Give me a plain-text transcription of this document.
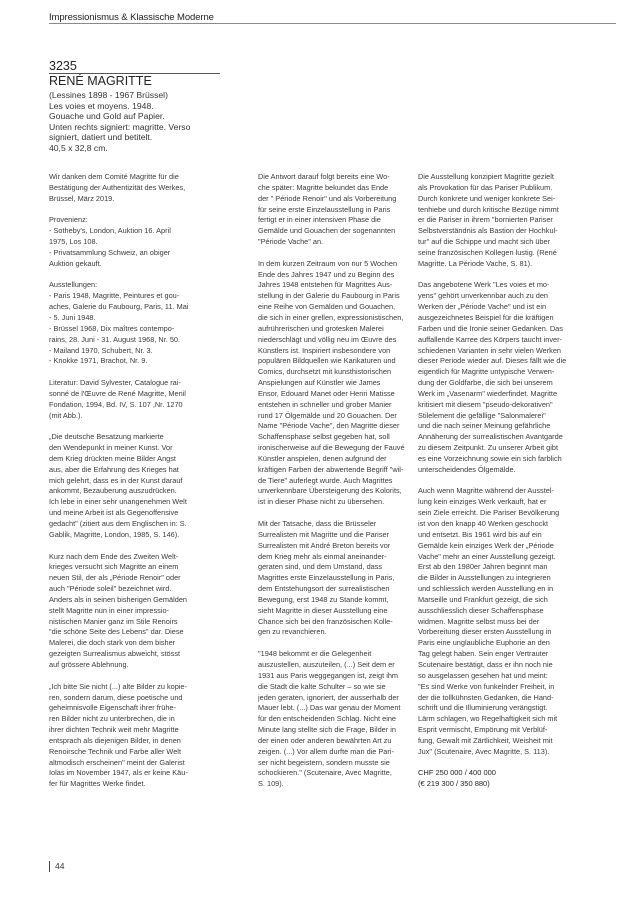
Impressionismus & Klassische Moderne
3235
RENÉ MAGRITTE
(Lessines 1898 - 1967 Brüssel)
Les voies et moyens. 1948.
Gouache und Gold auf Papier.
Unten rechts signiert: magritte. Verso
signiert, datiert und betitelt.
40,5 x 32,8 cm.

Wir danken dem Comité Magritte für die
Bestätigung der Authentizität des Werkes,
Brüssel, März 2019.

Provenienz:
- Sotheby's, London, Auktion 16. April
1975, Los 108.
- Privatsammlung Schweiz, an obiger
Auktion gekauft.

Ausstellungen:
- Paris 1948, Magritte, Peintures et gou-
aches, Galerie du Faubourg, Paris, 11. Mai
- 5. Juni 1948.
- Brüssel 1968, Dix maîtres contempo-
rains, 28. Juni - 31. August 1968, Nr. 50.
- Mailand 1970, Schubert, Nr. 3.
- Knokke 1971, Brachot, Nr. 9.

Literatur: David Sylvester, Catalogue rai-
sonné de l'Œuvre de René Magritte, Menil
Fondation, 1994, Bd. IV, S. 107 ,Nr. 1270
(mit Abb.).

„Die deutsche Besatzung markierte
den Wendepunkt in meiner Kunst. Vor
dem Krieg drückten meine Bilder Angst
aus, aber die Erfahrung des Krieges hat
mich gelehrt, dass es in der Kunst darauf
ankommt, Bezauberung auszudrücken.
Ich lebe in einer sehr unangenehmen Welt
und meine Arbeit ist als Gegenoffensive
gedacht" (zitiert aus dem Englischen in: S.
Gablik, Magritte, London, 1985, S. 146).

Kurz nach dem Ende des Zweiten Welt-
krieges versucht sich Magritte an einem
neuen Stil, der als „Période Renoir" oder
auch "Période soleil" bezeichnet wird.
Anders als in seinen bisherigen Gemälden
stellt Magritte nun in einer impressio-
nistischen Manier ganz im Stile Renoirs
"die schöne Seite des Lebens" dar. Diese
Malerei, die doch stark von dem bisher
gezeigten Surrealismus abweicht, stösst
auf grössere Ablehnung.

„Ich bitte Sie nicht (...) alte Bilder zu kopie-
ren, sondern darum, diese poetische und
geheimnisvolle Eigenschaft ihrer frühe-
ren Bilder nicht zu unterbrechen, die in
ihrer dichten Technik weit mehr Magritte
entsprach als diejenigen Bilder, in denen
Renoirsche Technik und Farbe aller Welt
altmodisch erscheinen" meint der Galerist
Iolas im November 1947, als er keine Käu-
fer für Magrittes Werke findet.

Die Antwort darauf folgt bereits eine Wo-
che später: Magritte bekundet das Ende
der " Période Renoir" und als Vorbereitung
für seine erste Einzelausstellung in Paris
fertigt er in einer intensiven Phase die
Gemälde und Gouachen der sogenannten
"Période Vache" an.

In dem kurzen Zeitraum von nur 5 Wochen
Ende des Jahres 1947 und zu Beginn des
Jahres 1948 entstehen für Magrittes Aus-
stellung in der Galerie du Faubourg in Paris
eine Reihe von Gemälden und Gouachen,
die sich in einer grellen, expressionistischen,
aufrührerischen und grotesken Malerei
niederschlägt und völlig neu im Œuvre des
Künstlers ist. Inspiriert insbesondere von
populären Bildquellen wie Karikaturen und
Comics, durchsetzt mit kunsthistorischen
Anspielungen auf Künstler wie James
Ensor, Edouard Manet oder Henri Matisse
entstehen in schneller und grober Manier
rund 17 Ölgemälde und 20 Gouachen. Der
Name "Période Vache", den Magritte dieser
Schaffensphase selbst gegeben hat, soll
ironischerweise auf die Bewegung der Fauvé
Künstler anspielen, denen aufgrund der
kräftigen Farben der abwertende Begriff "wil-
de Tiere" auferlegt wurde. Auch Magrittes
unverkennbare Übersteigerung des Kolorits,
ist in dieser Phase nicht zu übersehen.

Mit der Tatsache, dass die Brüsseler
Surrealisten mit Magritte und die Pariser
Surrealisten mit André Breton bereits vor
dem Krieg mehr als einmal aneinander-
geraten sind, und dem Umstand, dass
Magrittes erste Einzelausstellung in Paris,
dem Entstehungsort der surrealistischen
Bewegung, erst 1948 zu Stande kommt,
sieht Magritte in dieser Ausstellung eine
Chance sich bei den französischen Kolle-
gen zu revanchieren.

"1948 bekommt er die Gelegenheit
auszustellen, auszuteilen, (...) Seit dem er
1931 aus Paris weggegangen ist, zeigt ihm
die Stadt die kalte Schulter – so wie sie
jeden geraten, ignoriert, der ausserhalb der
Mauer lebt. (...) Das war genau der Moment
für den entscheidenden Schlag. Nicht eine
Minute lang stellte sich die Frage, Bilder in
der einen oder anderen bewährten Art zu
zeigen. (...) Vor allem durfte man die Pari-
ser nicht begeistern, sondern musste sie
schockieren." (Scutenaire, Avec Magritte,
S. 109).

Die Ausstellung konzipiert Magritte gezielt
als Provokation für das Pariser Publikum.
Durch konkrete und weniger konkrete Sei-
tenhiebe und durch kritische Bezüge nimmt
er die Pariser in ihrem "bornierten Pariser
Selbstverständnis als Bastion der Hochkul-
tur" auf die Schippe und macht sich über
seine französischen Kollegen lustig. (René
Magritte. La Période Vache, S. 81).

Das angebotene Werk "Les voies et mo-
yens" gehört unverkennbar auch zu den
Werken der „Période Vache" und ist ein
ausgezeichnetes Beispiel für die kräftigen
Farben und die Ironie seiner Gedanken. Das
auffallende Karree des Körpers taucht inver-
schiedenen Varianten in sehr vielen Werken
dieser Periode wieder auf. Dieses fällt wie die
eigentlich für Magritte untypische Verwen-
dung der Goldfarbe, die sich bei unserem
Werk im „Vasenarm" wiederfindet. Magritte
kritisiert mit diesem "pseudo-dekorativen"
Stilelement die gefällige "Salonmalerei"
und die nach seiner Meinung gefährliche
Annäherung der surrealistischen Avantgarde
zu diesem Zeitpunkt. Zu unserer Arbeit gibt
es eine Vorzeichnung sowie ein sich farblich
unterscheidendes Ölgemälde.

Auch wenn Magritte während der Ausstel-
lung kein einziges Werk verkauft, hat er
sein Ziele erreicht. Die Pariser Bevölkerung
ist von den knapp 40 Werken geschockt
und entsetzt. Bis 1961 wird bis auf ein
Gemälde kein einziges Werk der „Période
Vache" mehr an einer Ausstellung gezeigt.
Erst ab den 1980er Jahren beginnt man
die Bilder in Ausstellungen zu integrieren
und schliesslich werden Ausstellung en in
Marseille und Frankfurt gezeigt, die sich
ausschliesslich dieser Schaffensphase
widmen. Magritte selbst muss bei der
Vorbereitung dieser ersten Ausstellung in
Paris eine unglaubliche Euphorie an den
Tag gelegt haben. Sein enger Vertrauter
Scutenaire bestätigt, dass er ihn noch nie
so ausgelassen gesehen hat und meint:
"Es sind Werke von funkelnder Freiheit, in
der die tollkühnsten Gedanken, die Hand-
schrift und die Illuminierung verängstigt.
Lärm schlagen, wo Regelhaftigkeit sich mit
Esprit vermischt, Empörung mit Verblüf-
fung, Gewalt mit Zärtlichkeit, Weisheit mit
Jux" (Scutenaire, Avec Magritte, S. 113).

CHF 250 000 / 400 000
(€ 219 300 / 350 880)

44
